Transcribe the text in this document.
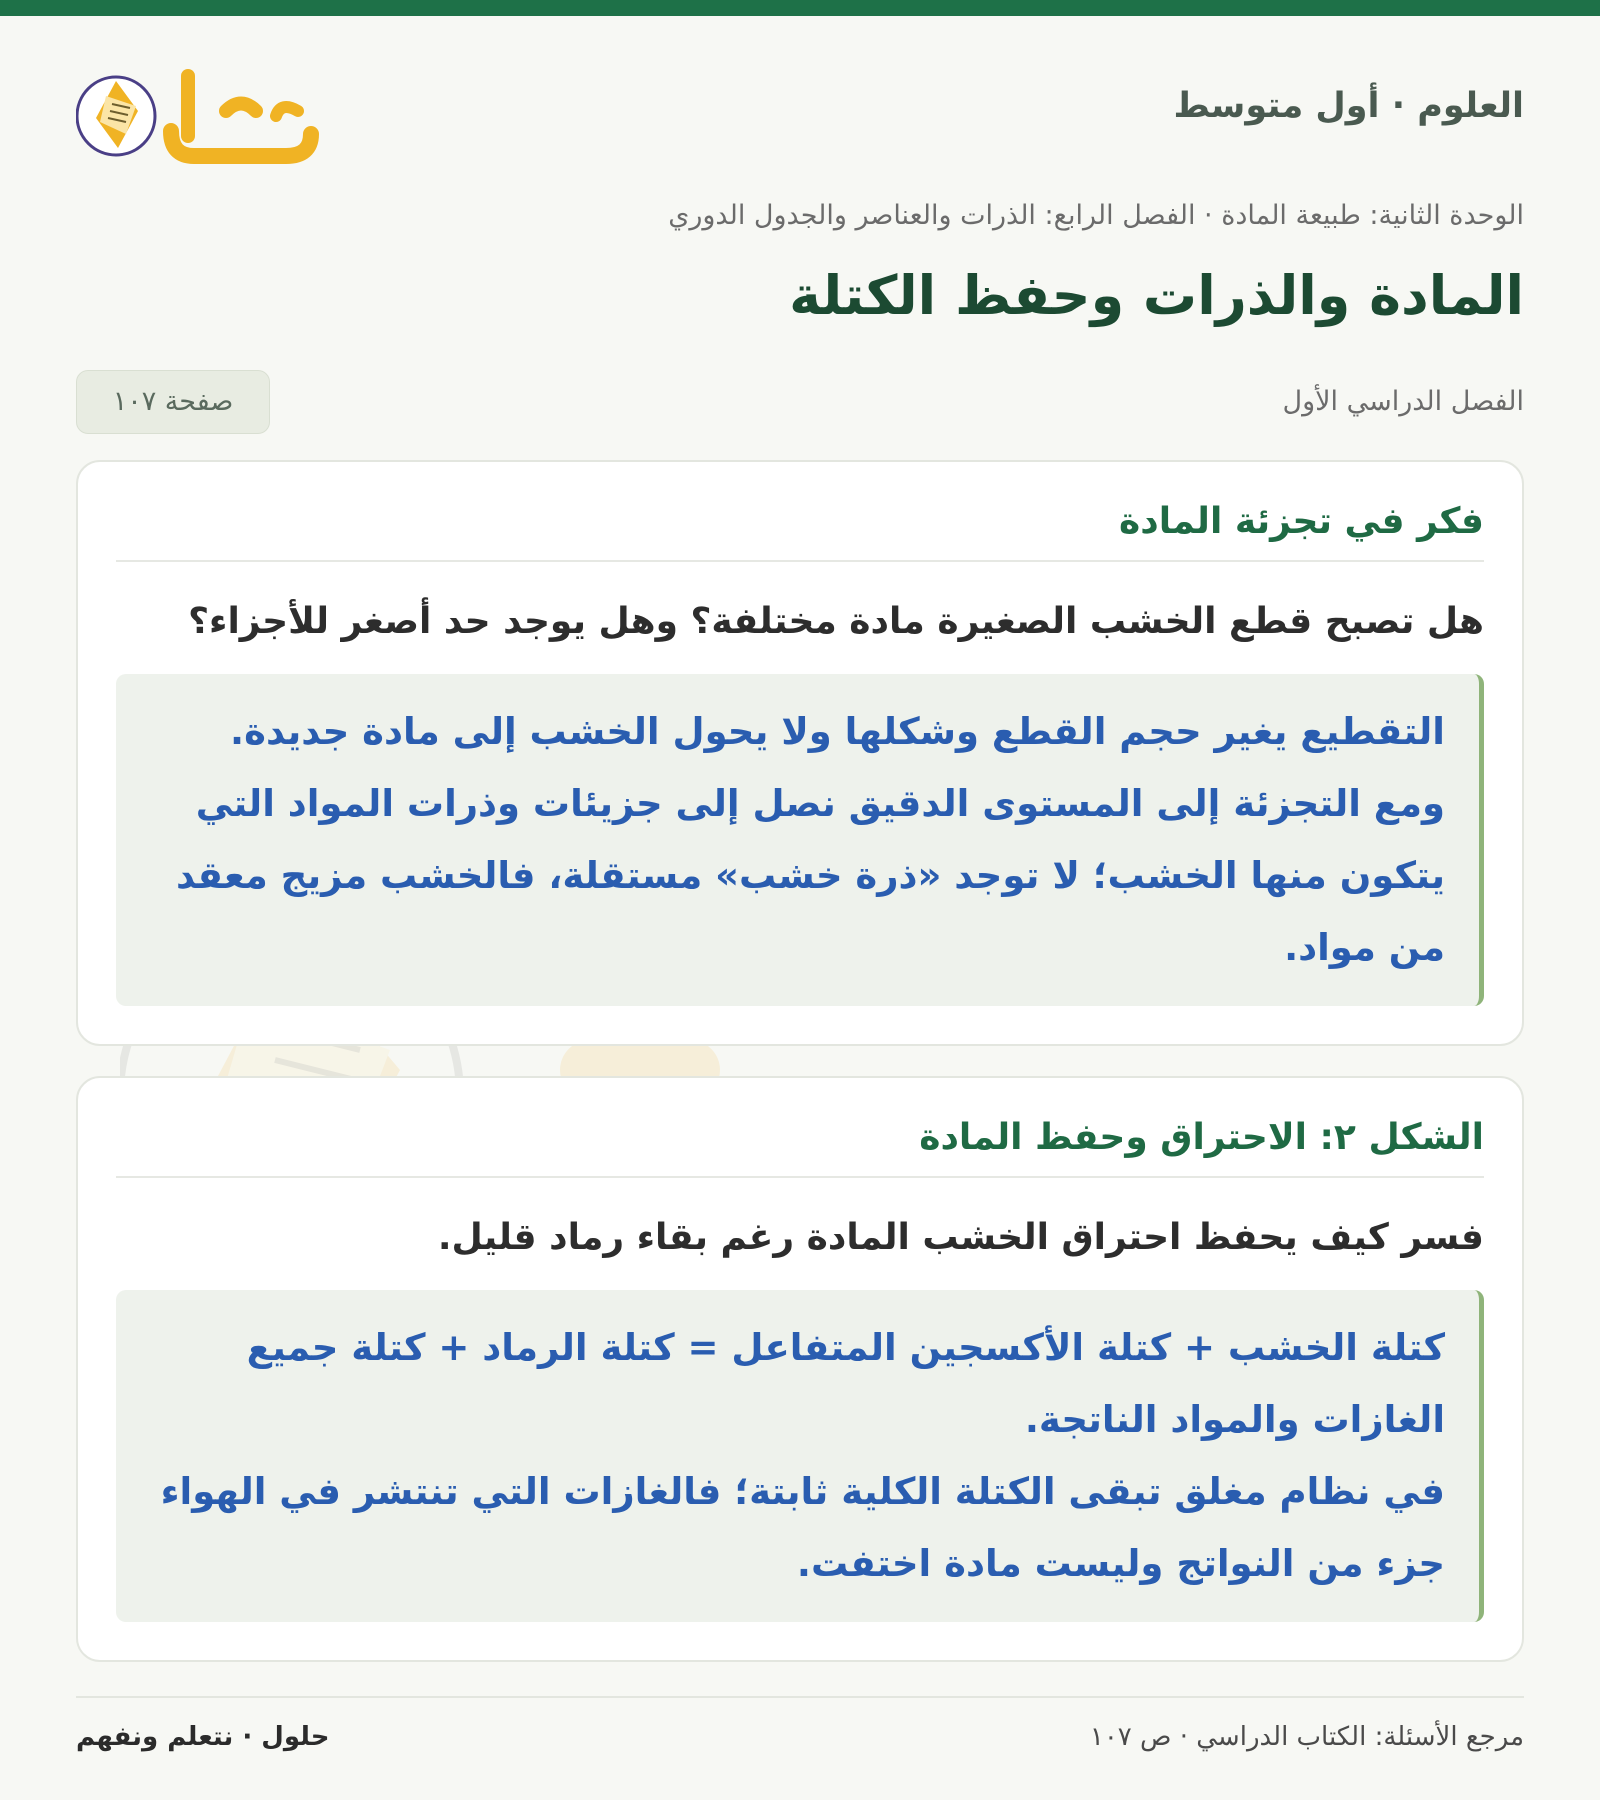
العلوم · أول متوسط
الوحدة الثانية: طبيعة المادة · الفصل الرابع: الذرات والعناصر والجدول الدوري
المادة والذرات وحفظ الكتلة
الفصل الدراسي الأول
صفحة ١٠٧
فكر في تجزئة المادة
هل تصبح قطع الخشب الصغيرة مادة مختلفة؟ وهل يوجد حد أصغر للأجزاء؟
التقطيع يغير حجم القطع وشكلها ولا يحول الخشب إلى مادة جديدة.
ومع التجزئة إلى المستوى الدقيق نصل إلى جزيئات وذرات المواد التي يتكون منها الخشب؛ لا توجد «ذرة خشب» مستقلة، فالخشب مزيج معقد من مواد.
الشكل ٢: الاحتراق وحفظ المادة
فسر كيف يحفظ احتراق الخشب المادة رغم بقاء رماد قليل.
كتلة الخشب + كتلة الأكسجين المتفاعل = كتلة الرماد + كتلة جميع الغازات والمواد الناتجة.
في نظام مغلق تبقى الكتلة الكلية ثابتة؛ فالغازات التي تنتشر في الهواء جزء من النواتج وليست مادة اختفت.
مرجع الأسئلة: الكتاب الدراسي · ص ١٠٧
حلول · نتعلم ونفهم
